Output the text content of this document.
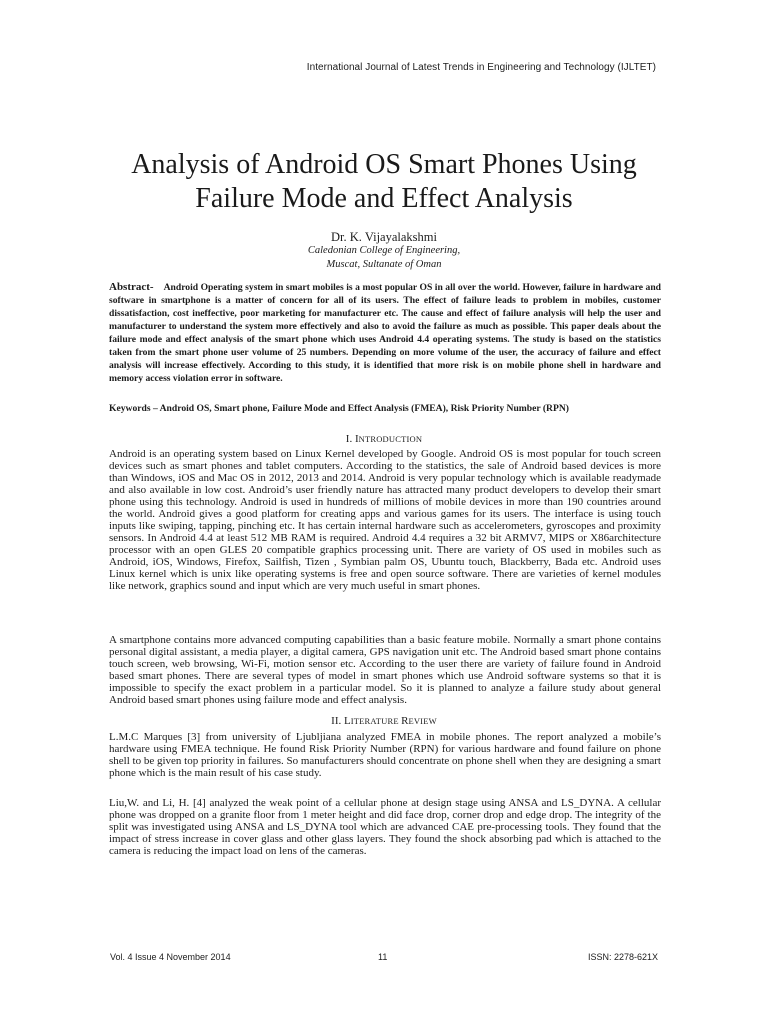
International Journal of Latest Trends in Engineering and Technology (IJLTET)
Analysis of Android OS Smart Phones Using
Failure Mode and Effect Analysis
Dr. K. Vijayalakshmi
Caledonian College of Engineering,
Muscat, Sultanate of Oman
Abstract- Android Operating system in smart mobiles is a most popular OS in all over the world. However, failure in hardware and software in smartphone is a matter of concern for all of its users. The effect of failure leads to problem in mobiles, customer dissatisfaction, cost ineffective, poor marketing for manufacturer etc. The cause and effect of failure analysis will help the user and manufacturer to understand the system more effectively and also to avoid the failure as much as possible. This paper deals about the failure mode and effect analysis of the smart phone which uses Android 4.4 operating systems. The study is based on the statistics taken from the smart phone user volume of 25 numbers. Depending on more volume of the user, the accuracy of failure and effect analysis will increase effectively. According to this study, it is identified that more risk is on mobile phone shell in hardware and memory access violation error in software.
Keywords – Android OS, Smart phone, Failure Mode and Effect Analysis (FMEA), Risk Priority Number (RPN)
I. INTRODUCTION
Android is an operating system based on Linux Kernel developed by Google. Android OS is most popular for touch screen devices such as smart phones and tablet computers. According to the statistics, the sale of Android based devices is more than Windows, iOS and Mac OS in 2012, 2013 and 2014. Android is very popular technology which is available readymade and also available in low cost. Android’s user friendly nature has attracted many product developers to develop their smart phone using this technology. Android is used in hundreds of millions of mobile devices in more than 190 countries around the world. Android gives a good platform for creating apps and various games for its users. The interface is using touch inputs like swiping, tapping, pinching etc. It has certain internal hardware such as accelerometers, gyroscopes and proximity sensors. In Android 4.4 at least 512 MB RAM is required. Android 4.4 requires a 32 bit ARMV7, MIPS or X86architecture processor with an open GLES 20 compatible graphics processing unit. There are variety of OS used in mobiles such as Android, iOS, Windows, Firefox, Sailfish, Tizen , Symbian palm OS, Ubuntu touch, Blackberry, Bada etc. Android uses Linux kernel which is unix like operating systems is free and open source software. There are varieties of kernel modules like network, graphics sound and input which are very much useful in smart phones.
A smartphone contains more advanced computing capabilities than a basic feature mobile. Normally a smart phone contains personal digital assistant, a media player, a digital camera, GPS navigation unit etc. The Android based smart phone contains touch screen, web browsing, Wi-Fi, motion sensor etc. According to the user there are variety of failure found in Android based smart phones. There are several types of model in smart phones which use Android software systems so that it is impossible to specify the exact problem in a particular model. So it is planned to analyze a failure study about general Android based smart phones using failure mode and effect analysis.
II. LITERATURE REVIEW
L.M.C Marques [3] from university of Ljubljiana analyzed FMEA in mobile phones. The report analyzed a mobile’s hardware using FMEA technique. He found Risk Priority Number (RPN) for various hardware and found failure on phone shell to be given top priority in failures. So manufacturers should concentrate on phone shell when they are designing a smart phone which is the main result of his case study.
Liu,W. and Li, H. [4] analyzed the weak point of a cellular phone at design stage using ANSA and LS_DYNA. A cellular phone was dropped on a granite floor from 1 meter height and did face drop, corner drop and edge drop. The integrity of the split was investigated using ANSA and LS_DYNA tool which are advanced CAE pre-processing tools. They found that the impact of stress increase in cover glass and other glass layers. They found the shock absorbing pad which is attached to the camera is reducing the impact load on lens of the cameras.
Vol. 4 Issue 4 November 2014	11	ISSN: 2278-621X
